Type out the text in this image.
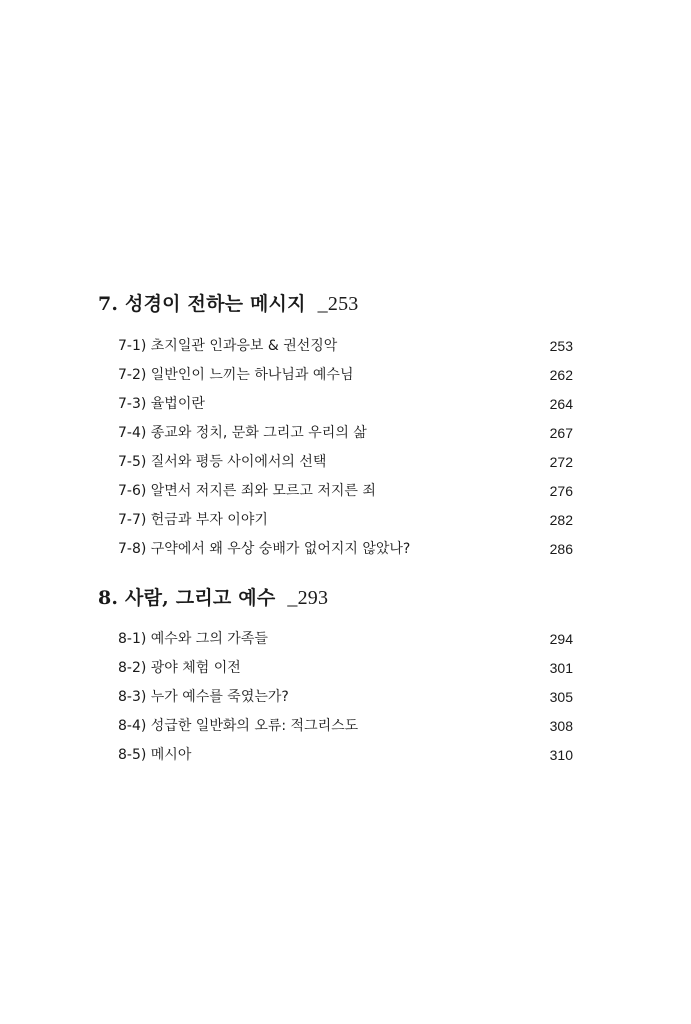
7. 성경이 전하는 메시지 _253
7-1) 초지일관 인과응보 & 권선징악	253
7-2) 일반인이 느끼는 하나님과 예수님	262
7-3) 율법이란	264
7-4) 종교와 정치, 문화 그리고 우리의 삶	267
7-5) 질서와 평등 사이에서의 선택	272
7-6) 알면서 저지른 죄와 모르고 저지른 죄	276
7-7) 헌금과 부자 이야기	282
7-8) 구약에서 왜 우상 숭배가 없어지지 않았나?	286
8. 사람, 그리고 예수 _293
8-1) 예수와 그의 가족들	294
8-2) 광야 체험 이전	301
8-3) 누가 예수를 죽였는가?	305
8-4) 성급한 일반화의 오류: 적그리스도	308
8-5) 메시아	310
